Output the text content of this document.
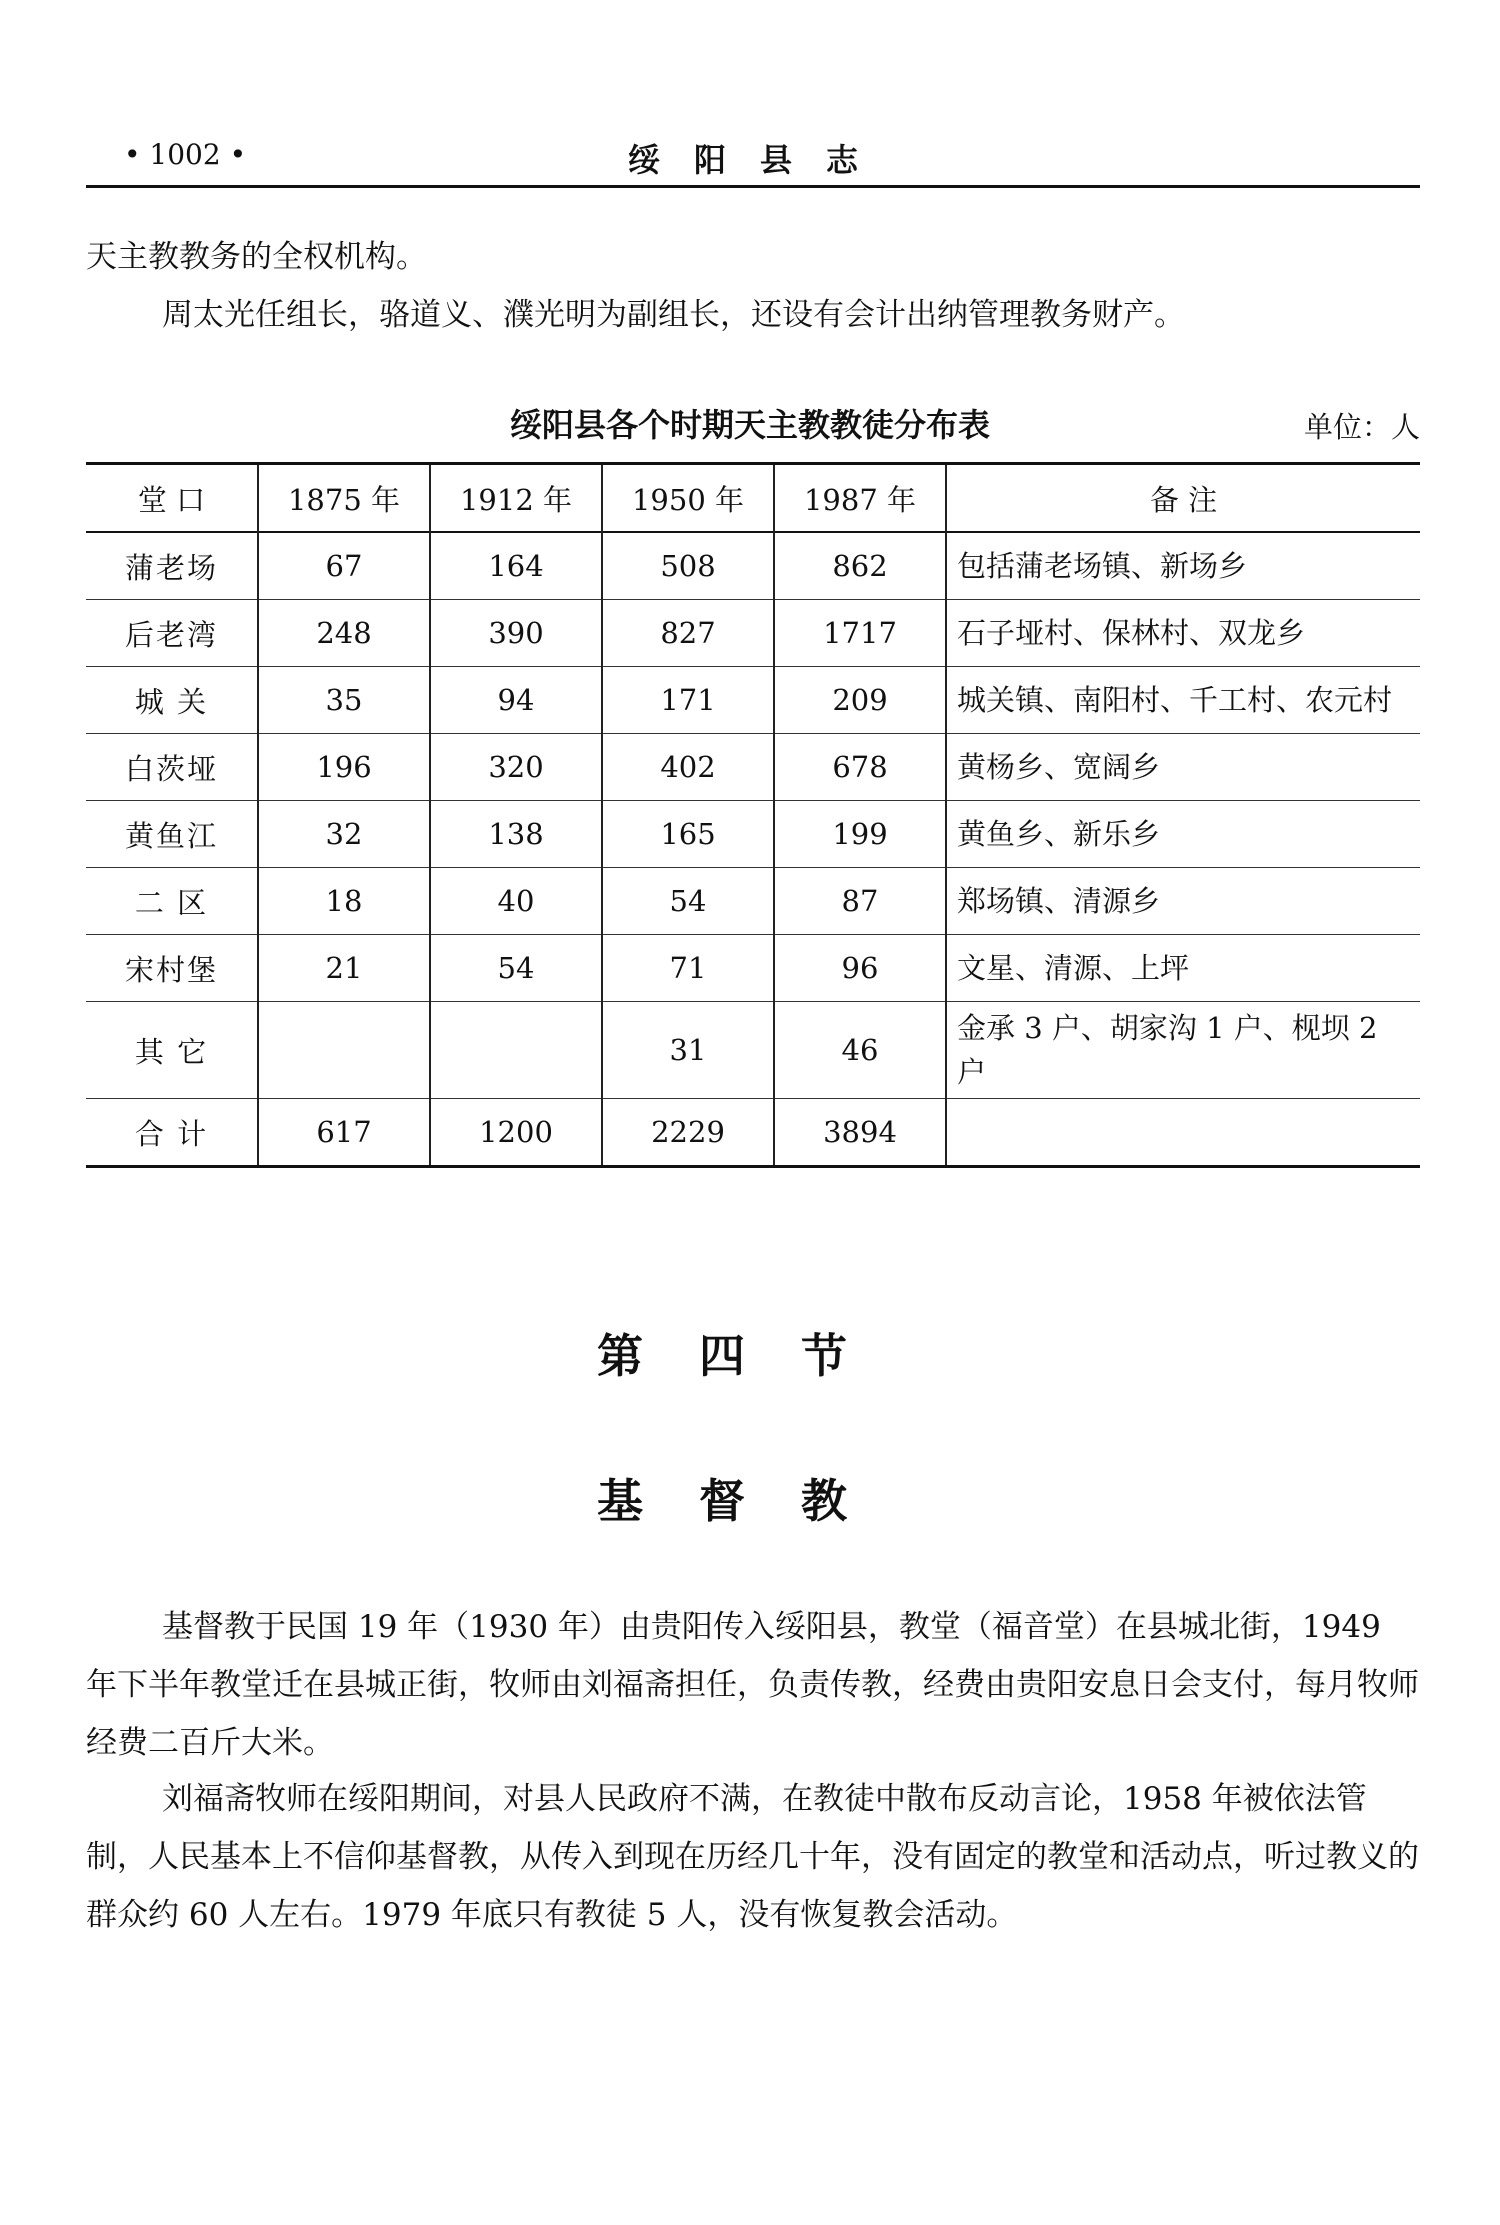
• 1002 •	绥阳县志
天主教教务的全权机构。
周太光任组长，骆道义、濮光明为副组长，还设有会计出纳管理教务财产。
绥阳县各个时期天主教教徒分布表	单位：人
堂 口	1875 年	1912 年	1950 年	1987 年	备 注
蒲老场	67	164	508	862	包括蒲老场镇、新场乡
后老湾	248	390	827	1717	石子垭村、保林村、双龙乡
城 关	35	94	171	209	城关镇、南阳村、千工村、农元村
白茨垭	196	320	402	678	黄杨乡、宽阔乡
黄鱼江	32	138	165	199	黄鱼乡、新乐乡
二 区	18	40	54	87	郑场镇、清源乡
宋村堡	21	54	71	96	文星、清源、上坪
其 它			31	46	金承 3 户、胡家沟 1 户、枧坝 2 户
合 计	617	1200	2229	3894	
第四节
基督教
基督教于民国 19 年（1930 年）由贵阳传入绥阳县，教堂（福音堂）在县城北街，1949 年下半年教堂迁在县城正街，牧师由刘福斋担任，负责传教，经费由贵阳安息日会支付，每月牧师经费二百斤大米。
刘福斋牧师在绥阳期间，对县人民政府不满，在教徒中散布反动言论，1958 年被依法管制，人民基本上不信仰基督教，从传入到现在历经几十年，没有固定的教堂和活动点，听过教义的群众约 60 人左右。1979 年底只有教徒 5 人，没有恢复教会活动。
